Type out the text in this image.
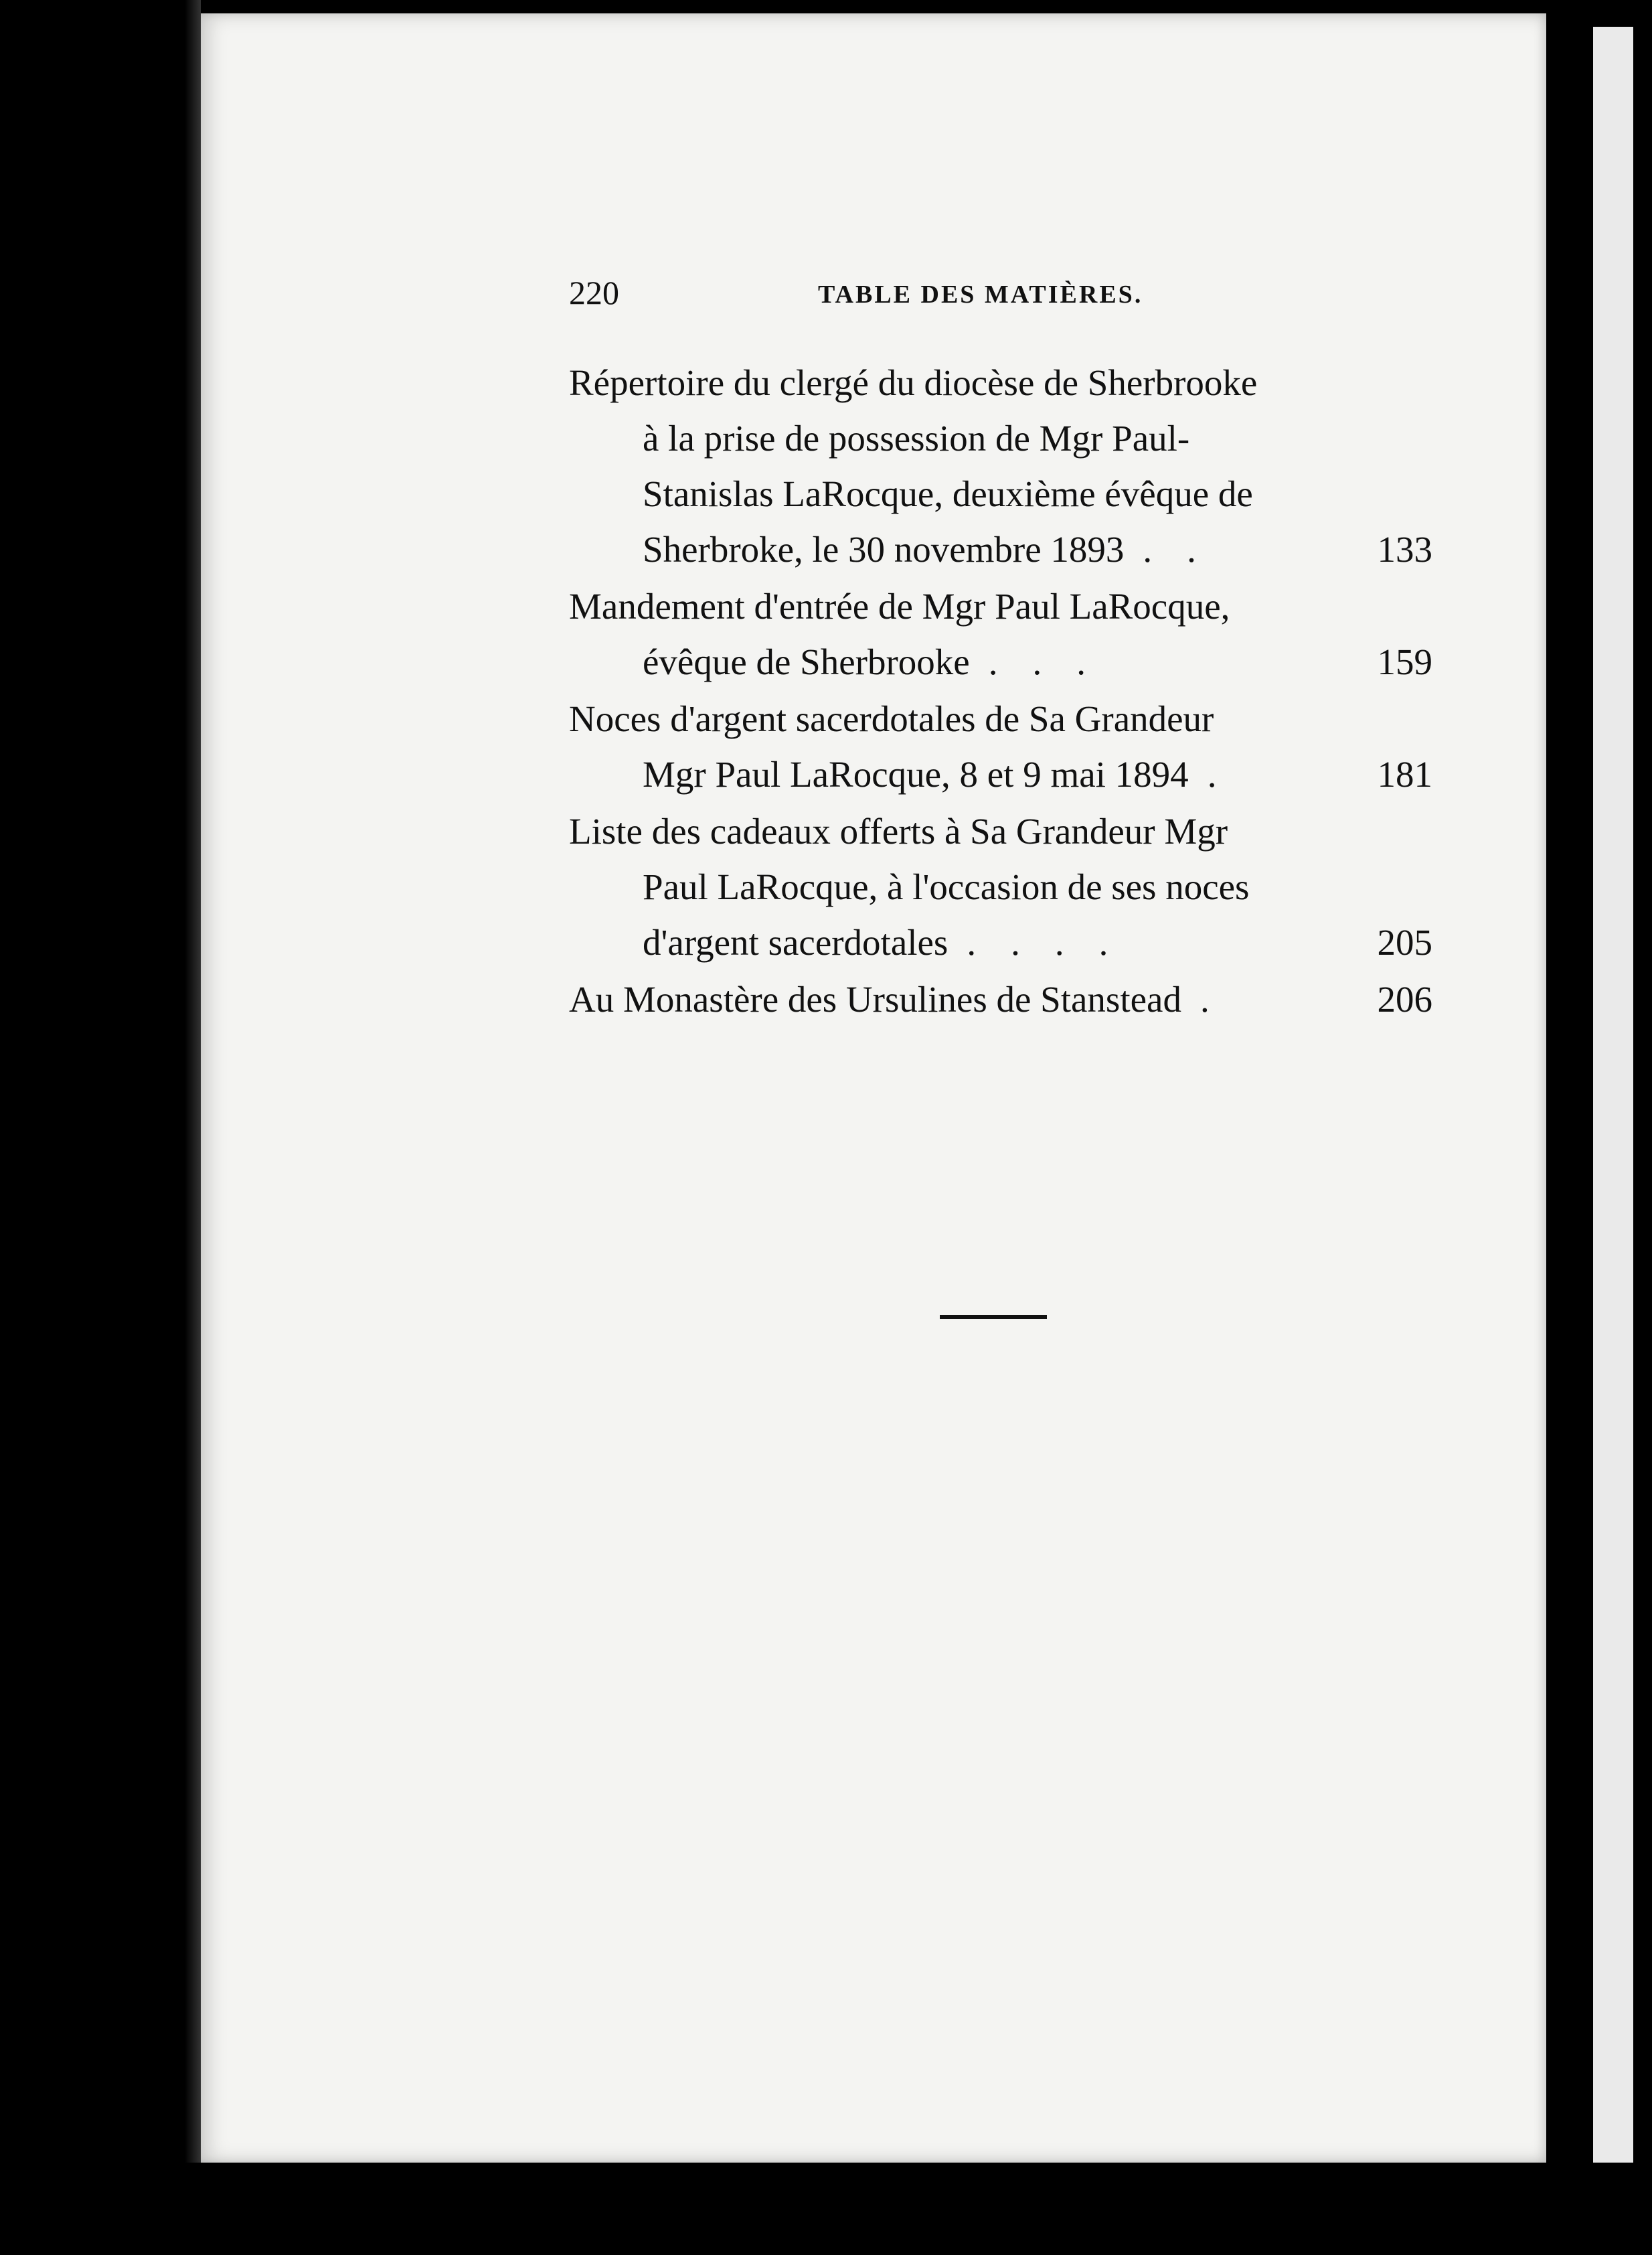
220	TABLE DES MATIÈRES.
Répertoire du clergé du diocèse de Sherbrooke
à la prise de possession de Mgr Paul-
Stanislas LaRocque, deuxième évêque de
Sherbroke, le 30 novembre 1893 ..	133
Mandement d'entrée de Mgr Paul LaRocque,
évêque de Sherbrooke ...	159
Noces d'argent sacerdotales de Sa Grandeur
Mgr Paul LaRocque, 8 et 9 mai 1894 .	181
Liste des cadeaux offerts à Sa Grandeur Mgr
Paul LaRocque, à l'occasion de ses noces
d'argent sacerdotales ....	205
Au Monastère des Ursulines de Stanstead .	206
